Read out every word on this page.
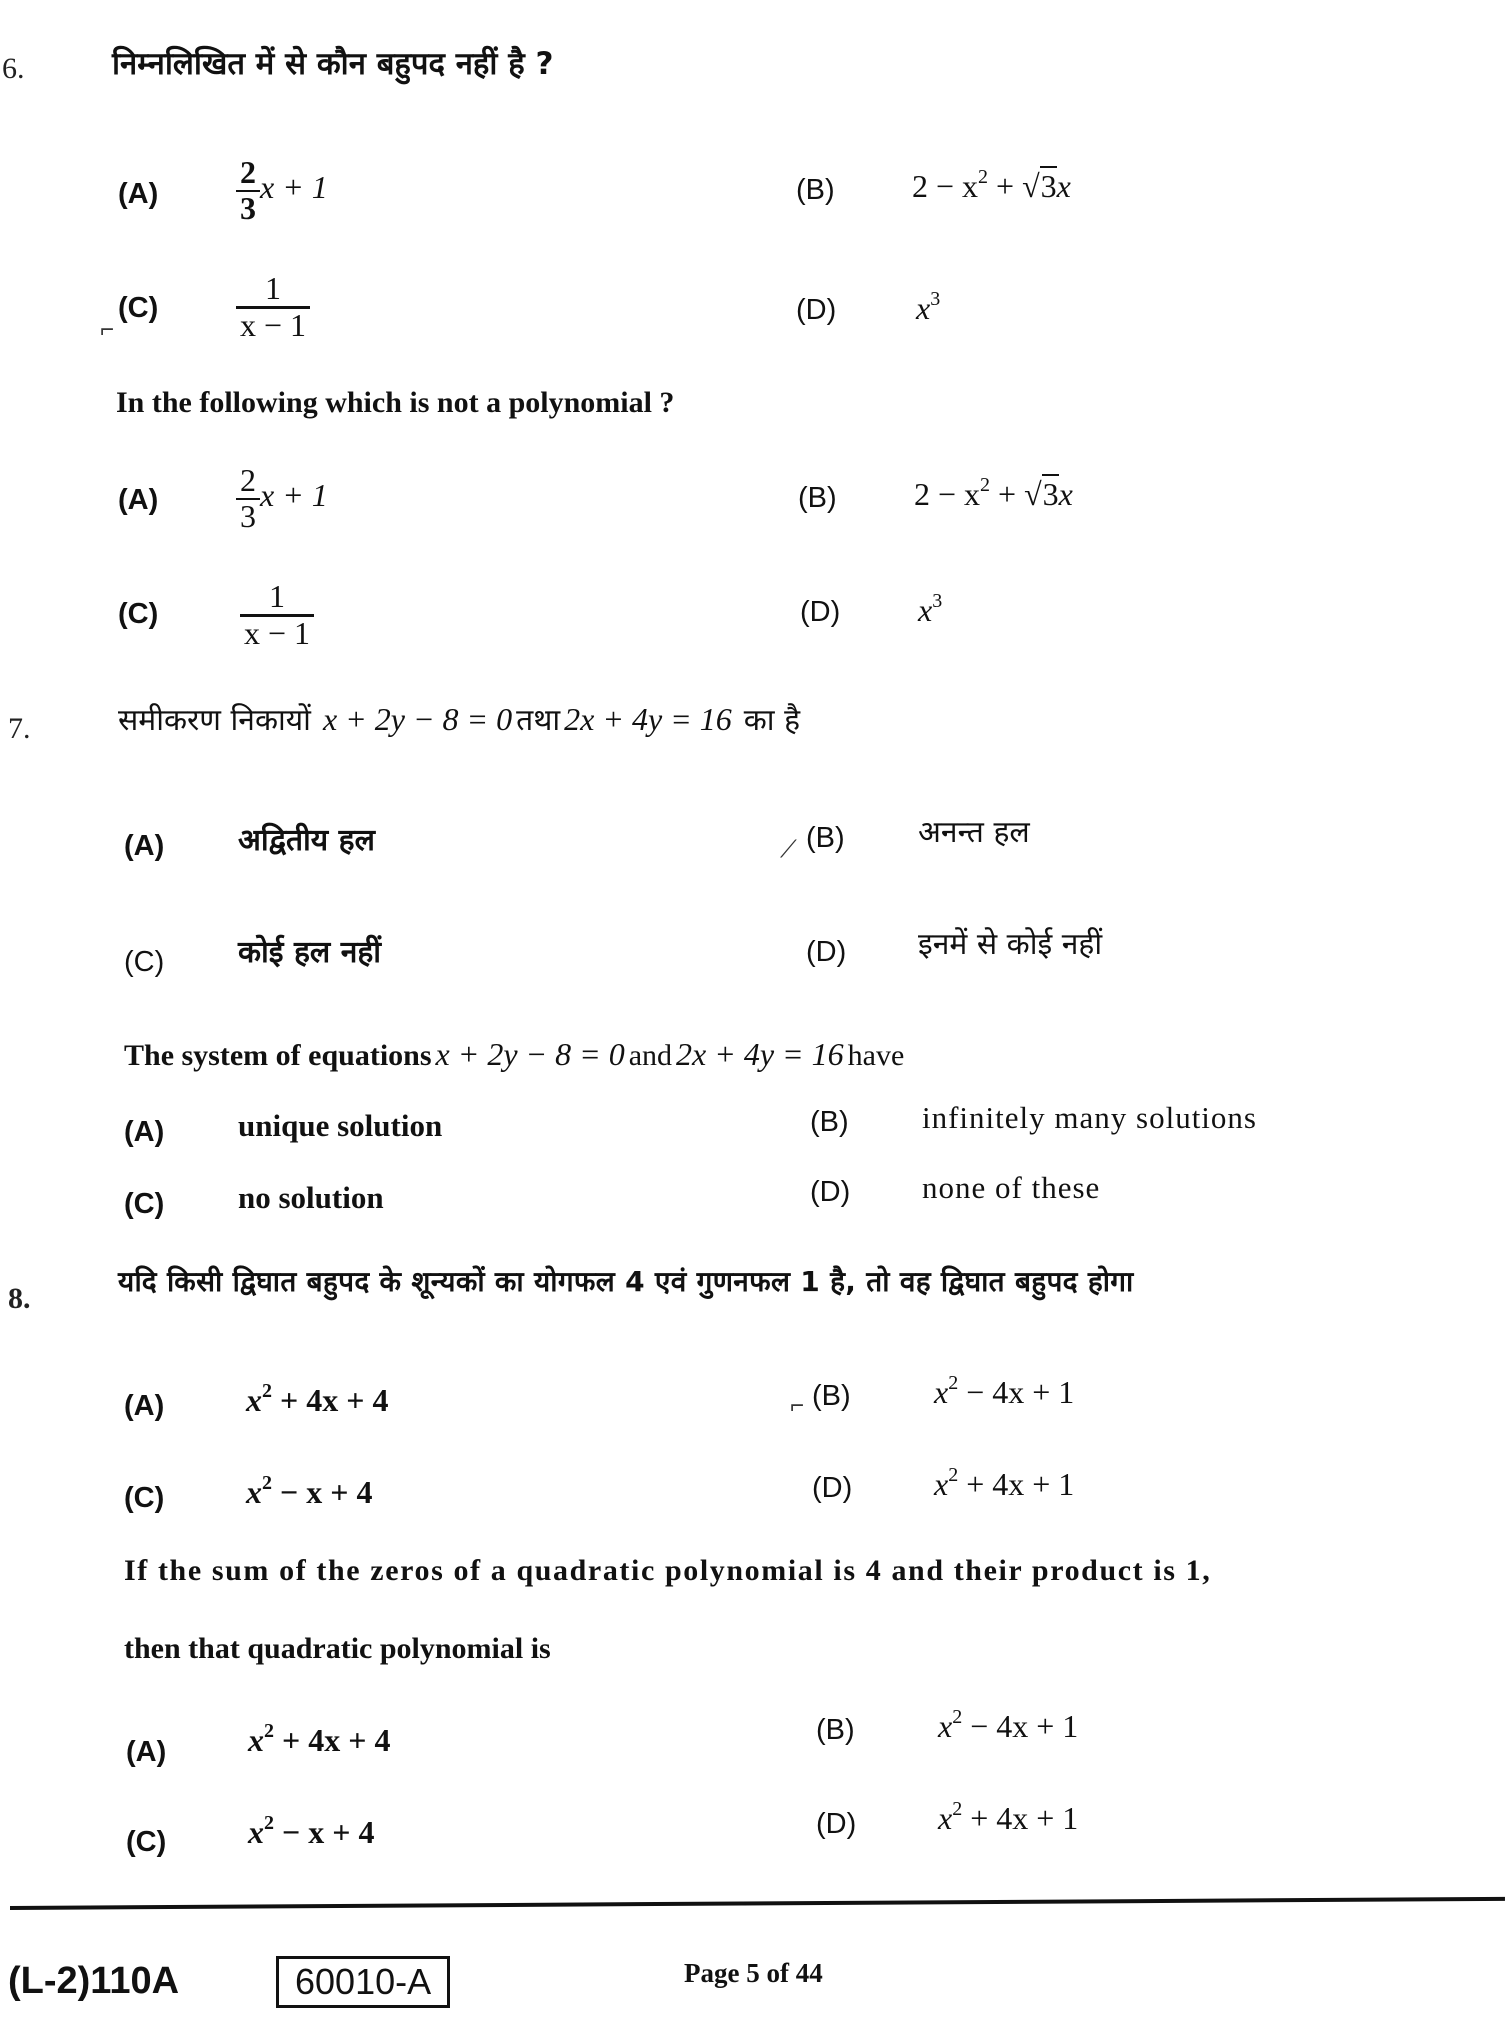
6.	निम्नलिखित में से कौन बहुपद नहीं है ?
$(A) \frac{2}{3}$ x + 1	(B) $2 - x^2 + √3x$
⌐
$(C) \frac{1}{x - 1}$	(D) $x^3$
In the following which is not a polynomial ?
$(A) \frac{2}{3}$ x + 1	(B) $2 - x^2 + √3x$
(C)	$\frac{1}{x - 1}$	(D) $x^3$
7.	समीकरण निकायों x + 2y − 8 = 0 तथा 2x + 4y = 16 का है
(A) अद्वितीय हल	⟋ (B) अनन्त हल
(C) कोई हल नहीं	(D) इनमें से कोई नहीं
The system of equations x + 2y − 8 = 0 and 2x + 4y = 16 have
(A) unique solution	(B) infinitely many solutions
(C) no solution	(D) none of these
8.
यदि किसी द्विघात बहुपद के शून्यकों का योगफल 4 एवं गुणनफल 1 है, तो वह द्विघात बहुपद होगा
(A)	$x^2 + 4x + 4$	⌐ (B)	$x^2 - 4x + 1$
(C)	$x^2 - x + 4$	(D)	$x^2 + 4x + 1$
If the sum of the zeros of a quadratic polynomial is 4 and their product is 1,
then that quadratic polynomial is
(A)	$x^2 + 4x + 4$	(B)	$x^2 - 4x + 1$
(C)	$x^2 - x + 4$	(D)	$x^2 + 4x + 1$
(L-2)110A	60010-A	Page 5 of 44
